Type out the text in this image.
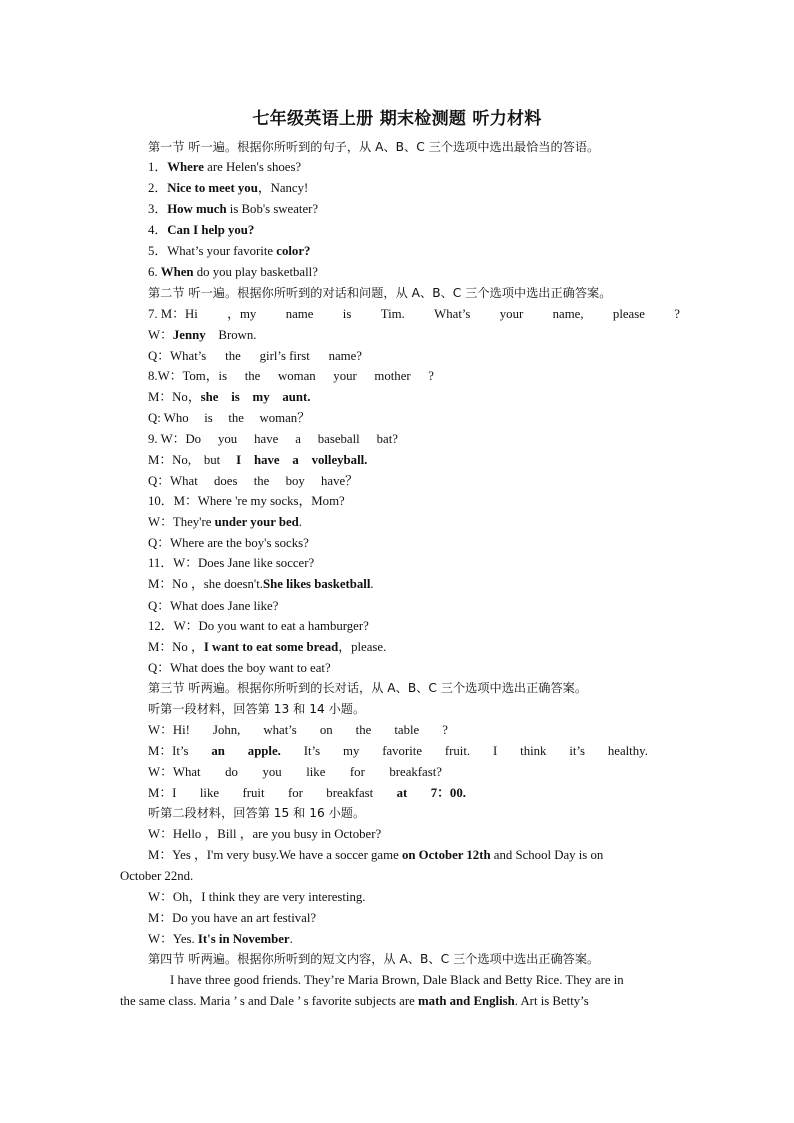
七年级英语上册 期末检测题 听力材料
第一节 听一遍。根据你所听到的句子，从 A、B、C 三个选项中选出最恰当的答语。
1．Where are Helen's shoes?
2．Nice to meet you，Nancy!
3．How much is Bob's sweater?
4．Can I help you?
5．What’s your favorite color?
6. When do you play basketball?
第二节 听一遍。根据你所听到的对话和问题，从 A、B、C 三个选项中选出正确答案。
7. M：Hi ，my name is Tim. What’s your name, please ?
W：Jenny Brown.
Q：What’s the girl’s first name?
8.W：Tom，is the woman your mother ?
M：No，she is my aunt.
Q: Who is the woman？
9. W：Do you have a baseball bat?
M：No, but I have a volleyball.
Q：What does the boy have？
10．M：Where 're my socks，Mom?
W：They're under your bed.
Q：Where are the boy's socks?
11．W：Does Jane like soccer?
M：No ，she doesn't.She likes basketball.
Q：What does Jane like?
12．W：Do you want to eat a hamburger?
M：No ，I want to eat some bread，please.
Q：What does the boy want to eat?
第三节 听两遍。根据你所听到的长对话，从 A、B、C 三个选项中选出正确答案。
听第一段材料，回答第 13 和 14 小题。
W：Hi! John, what’s on the table ?
M：It’s an apple. It’s my favorite fruit. I think it’s healthy.
W：What do you like for breakfast?
M：I like fruit for breakfast at 7：00.
听第二段材料，回答第 15 和 16 小题。
W：Hello ，Bill ，are you busy in October?
M：Yes ，I'm very busy.We have a soccer game on October 12th and School Day is on
October 22nd.
W：Oh，I think they are very interesting.
M：Do you have an art festival?
W：Yes. It's in November.
第四节 听两遍。根据你所听到的短文内容，从 A、B、C 三个选项中选出正确答案。
I have three good friends. They’re Maria Brown, Dale Black and Betty Rice. They are in
the same class. Maria ’ s and Dale ’ s favorite subjects are math and English. Art is Betty’s
